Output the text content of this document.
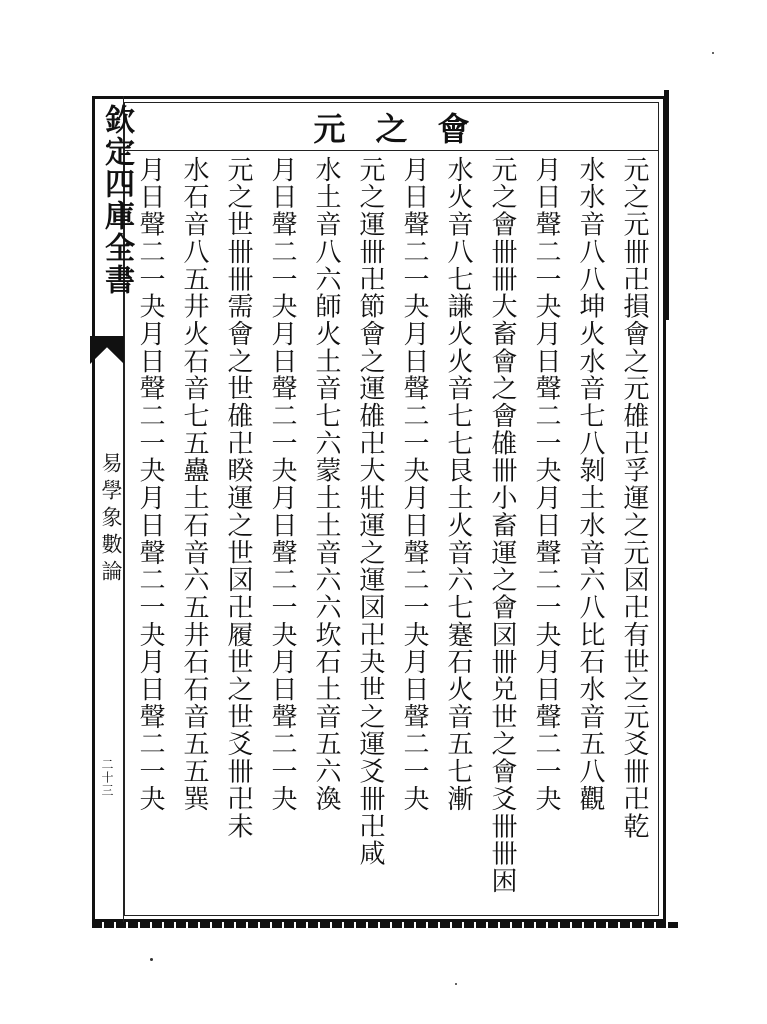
欽定四庫全書
易學象數論
二十三
元之會
元之元卌卍損會之元䧺卍孚運之元㘝卍有世之元爻卌卍乾
水水音八八坤火水音七八剝土水音六八比石水音五八觀
月日聲二一夬月日聲二一夬月日聲二一夬月日聲二一夬
元之會卌卌大畜會之會䧺卌小畜運之會㘝卌兑世之會爻卌卌困
水火音八七謙火火音七七艮土火音六七蹇石火音五七漸
月日聲二一夬月日聲二一夬月日聲二一夬月日聲二一夬
元之運卌卍節會之運䧺卍大壯運之運㘝卍夬世之運爻卌卍咸
水土音八六師火土音七六蒙土土音六六坎石土音五六渙
月日聲二一夬月日聲二一夬月日聲二一夬月日聲二一夬
元之世卌卌需會之世䧺卍睽運之世㘝卍履世之世爻卌卍未
水石音八五井火石音七五蠱土石音六五井石石音五五巽
月日聲二一夬月日聲二一夬月日聲二一夬月日聲二一夬
